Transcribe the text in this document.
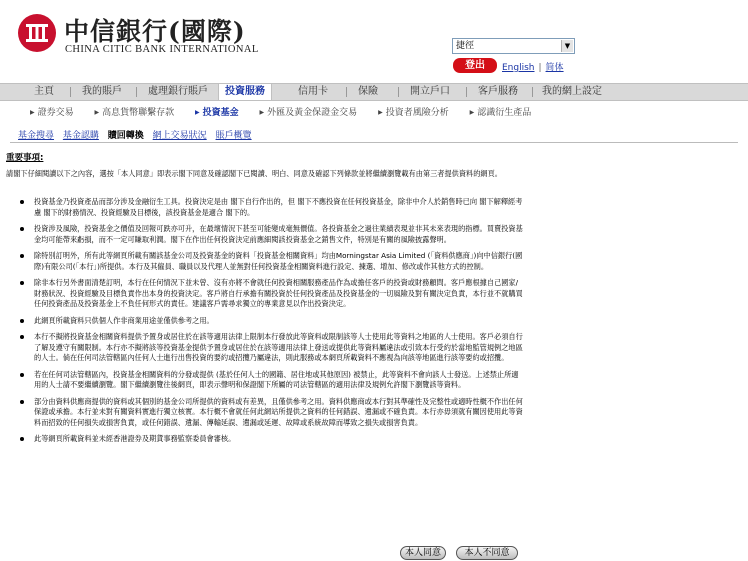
中信銀行(國際)
CHINA CITIC BANK INTERNATIONAL	捷徑	▼
登出	English | 简体
主頁	我的賬戶	處理銀行賬戶	投資服務	信用卡	保險	開立戶口	客戶服務	我的網上設定
▶ 證券交易	▶ 高息貨幣聯繫存款	▶ 投資基金	▶ 外匯及黃金保證金交易	▶ 投資者風險分析	▶ 認識衍生產品
基金搜尋 基金認購 贖回轉換 網上交易狀況 賬戶概覽
重要事項:
請閣下仔細閱讀以下之內容，選按「本人同意」即表示閣下同意及確認閣下已閱讀、明白、同意及確認下列條款並將繼續瀏覽載有由第三者提供資料的網頁。
投資基金乃投資產品而部分涉及金融衍生工具。投資決定是由 閣下自行作出的，但 閣下不應投資在任何投資基金，除非中介人於銷售時已向 閣下解釋經考慮 閣下的財務情況、投資經驗及目標後，該投資基金是適合 閣下的。
投資涉及風險，投資基金之價值及回報可跌亦可升，在最壞情況下甚至可能變成毫無價值。各投資基金之過往業績表現並非其未來表現的指標。買賣投資基金均可能帶來虧損，而不一定可賺取利潤。閣下在作出任何投資決定前應細閱該投資基金之銷售文件，特別是有關的風險披露聲明。
除特別訂明外，所有此等網頁所載有關該基金公司及投資基金的資料「投資基金相關資料」均由Morningstar Asia Limited (「資料供應商」)向中信銀行(國際)有限公司(「本行」)所提供。本行及其僱員、職員以及代理人並無對任何投資基金相關資料進行設定、揀選、增加、修改或作其他方式的控制。
除非本行另外書面清楚訂明，本行在任何情況下並未曾、沒有亦將不會就任何投資相關服務產品作為或擔任客戶的投資或財務顧問。客戶應根據自己國家/財務狀況、投資經驗及目標負責作出本身的投資決定。客戶將自行承擔有關投資於任何投資產品及投資基金的一切風險及對有關決定負責，本行並不就購買任何投資產品及投資基金上不負任何形式的責任。建議客戶需尋求獨立的專業意見以作出投資決定。
此網頁所載資料只供個人作非商業用途並僅供參考之用。
本行不擬將投資基金相關資料提供予置身或居住於在該等適用法律上限制本行發放此等資料或限制該等人士使用此等資料之地區的人士使用。客戶必須自行了解及遵守有關限制。本行亦不擬將該等投資基金提供予置身或居住於在該等適用法律上發送或提供此等資料屬違法或引致本行受約於當地監管規例之地區的人士。倘在任何司法管轄區內任何人士進行出售投資的要約或招攬乃屬違法，則此服務或本網頁所載資料不應視為向該等地區進行該等要約或招攬。
若在任何司法管轄區內，投資基金相關資料的分發或提供 (基於任何人士的國籍、居住地或其他原因) 被禁止，此等資料不會向該人士發送。上述禁止所適用的人士請不要繼續瀏覽。閣下繼續瀏覽往後網頁，即表示聲明和保證閣下所屬的司法管轄區的適用法律及規例允許閣下瀏覽該等資料。
部分由資料供應商提供的資料或其個別的基金公司所提供的資料或有差異，且僅供參考之用。資料供應商或本行對其準確性及完整性或適時性概不作出任何保證或承擔。本行並未對有關資料實進行獨立核實。本行概不會就任何此網站所提供之資料的任何錯誤、遺漏或不確負責。本行亦毋須就有關因使用此等資料而招致的任何損失或損害負責，或任何錯誤、遺漏、傳輸延誤、遺漏或延遲、故障或系統故障而導致之損失或損害負責。
此等網頁所載資料並未經香港證券及期貨事務監察委員會審核。
本人同意	本人不同意
